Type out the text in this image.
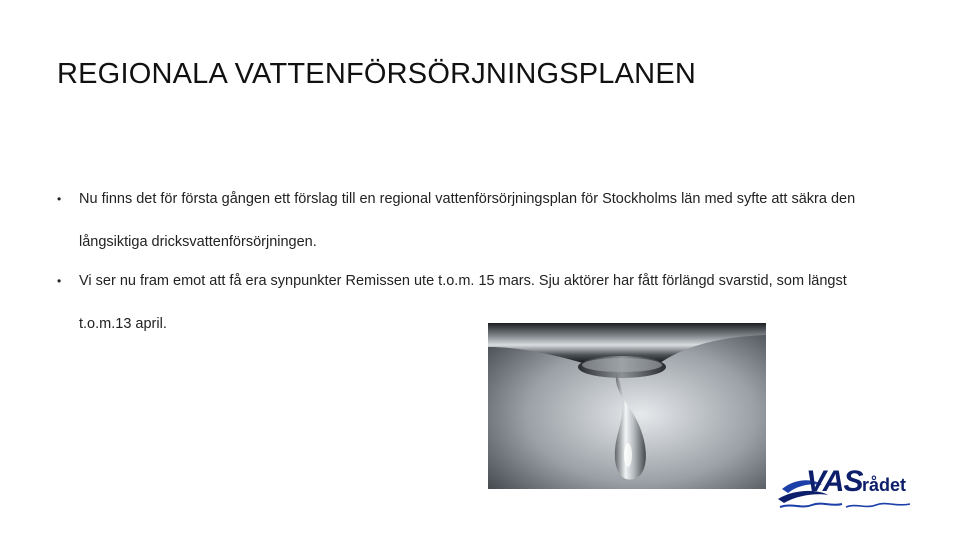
REGIONALA VATTENFÖRSÖRJNINGSPLANEN
• Nu finns det för första gången ett förslag till en regional vattenförsörjningsplan för Stockholms län med syfte att säkra den långsiktiga dricksvattenförsörjningen.
• Vi ser nu fram emot att få era synpunkter Remissen ute t.o.m. 15 mars. Sju aktörer har fått förlängd svarstid, som längst t.o.m.13 april.
VAS rådet
